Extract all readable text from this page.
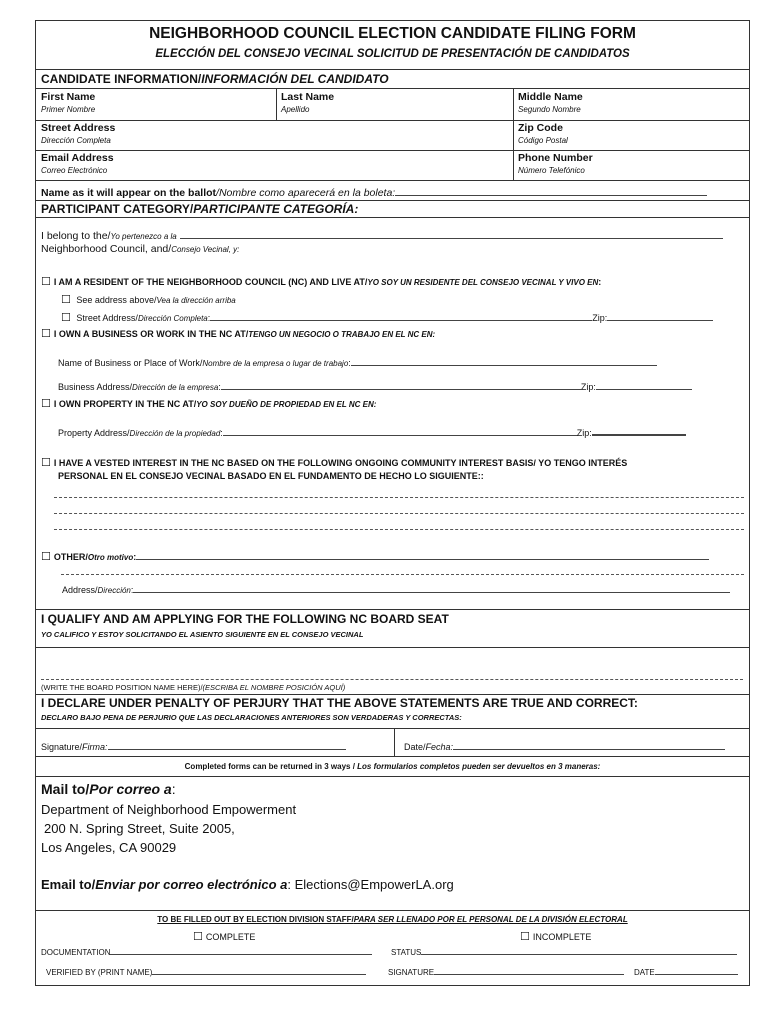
NEIGHBORHOOD COUNCIL ELECTION CANDIDATE FILING FORM
ELECCIÓN DEL CONSEJO VECINAL SOLICITUD DE PRESENTACIÓN DE CANDIDATOS
CANDIDATE INFORMATION/INFORMACIÓN DEL CANDIDATO
First Name
Primer Nombre
Last Name
Apellido
Middle Name
Segundo Nombre
Street Address
Dirección Completa
Zip Code
Código Postal
Email Address
Correo Electrónico
Phone Number
Número Telefónico
Name as it will appear on the ballot/Nombre como aparecerá en la boleta:
PARTICIPANT CATEGORY/PARTICIPANTE CATEGORÍA:
I belong to the/Yo pertenezco a la
Neighborhood Council, and/Consejo Vecinal, y:
☐ I AM A RESIDENT OF THE NEIGHBORHOOD COUNCIL (NC) AND LIVE AT/YO SOY UN RESIDENTE DEL CONSEJO VECINAL Y VIVO EN:
☐ See address above/Vea la dirección arriba
☐ Street Address/Dirección Completa:	Zip:
☐ I OWN A BUSINESS OR WORK IN THE NC AT/TENGO UN NEGOCIO O TRABAJO EN EL NC EN:
Name of Business or Place of Work/Nombre de la empresa o lugar de trabajo:
Business Address/Dirección de la empresa:	Zip:
☐ I OWN PROPERTY IN THE NC AT/YO SOY DUEÑO DE PROPIEDAD EN EL NC EN:
Property Address/Dirección de la propiedad:	Zip:
☐ I HAVE A VESTED INTEREST IN THE NC BASED ON THE FOLLOWING ONGOING COMMUNITY INTEREST BASIS/ YO TENGO INTERÉS
PERSONAL EN EL CONSEJO VECINAL BASADO EN EL FUNDAMENTO DE HECHO LO SIGUIENTE::
☐ OTHER/Otro motivo:
Address/Dirección:
I QUALIFY AND AM APPLYING FOR THE FOLLOWING NC BOARD SEAT
YO CALIFICO Y ESTOY SOLICITANDO EL ASIENTO SIGUIENTE EN EL CONSEJO VECINAL
(WRITE THE BOARD POSITION NAME HERE)/(ESCRIBA EL NOMBRE POSICIÓN AQUÍ)
I DECLARE UNDER PENALTY OF PERJURY THAT THE ABOVE STATEMENTS ARE TRUE AND CORRECT:
DECLARO BAJO PENA DE PERJURIO QUE LAS DECLARACIONES ANTERIORES SON VERDADERAS Y CORRECTAS:
Signature/Firma:	Date/Fecha:
Completed forms can be returned in 3 ways / Los formularios completos pueden ser devueltos en 3 maneras:
Mail to/Por correo a:
Department of Neighborhood Empowerment
200 N. Spring Street, Suite 2005,
Los Angeles, CA 90029
Email to/Enviar por correo electrónico a: Elections@EmpowerLA.org
TO BE FILLED OUT BY ELECTION DIVISION STAFF/PARA SER LLENADO POR EL PERSONAL DE LA DIVISIÓN ELECTORAL
☐ COMPLETE	☐ INCOMPLETE
DOCUMENTATION	STATUS
VERIFIED BY (PRINT NAME)	SIGNATURE	DATE
